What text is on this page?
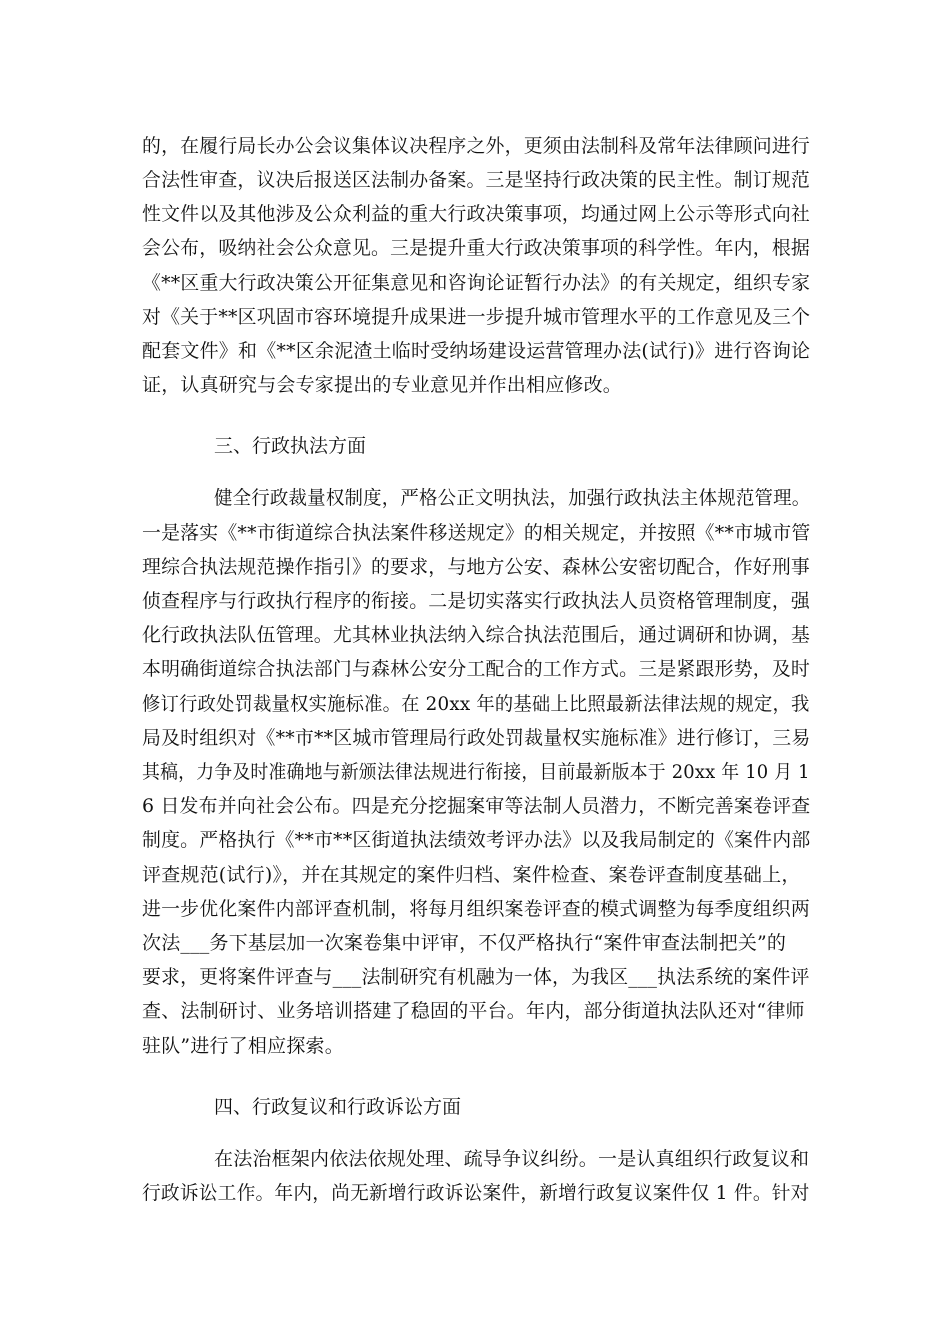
的，在履行局长办公会议集体议决程序之外，更须由法制科及常年法律顾问进行
合法性审查，议决后报送区法制办备案。三是坚持行政决策的民主性。制订规范
性文件以及其他涉及公众利益的重大行政决策事项，均通过网上公示等形式向社
会公布，吸纳社会公众意见。三是提升重大行政决策事项的科学性。年内，根据
《**区重大行政决策公开征集意见和咨询论证暂行办法》的有关规定，组织专家
对《关于**区巩固市容环境提升成果进一步提升城市管理水平的工作意见及三个
配套文件》和《**区余泥渣土临时受纳场建设运营管理办法(试行)》进行咨询论
证，认真研究与会专家提出的专业意见并作出相应修改。
三、行政执法方面
健全行政裁量权制度，严格公正文明执法，加强行政执法主体规范管理。
一是落实《**市街道综合执法案件移送规定》的相关规定，并按照《**市城市管
理综合执法规范操作指引》的要求，与地方公安、森林公安密切配合，作好刑事
侦查程序与行政执行程序的衔接。二是切实落实行政执法人员资格管理制度，强
化行政执法队伍管理。尤其林业执法纳入综合执法范围后，通过调研和协调，基
本明确街道综合执法部门与森林公安分工配合的工作方式。三是紧跟形势，及时
修订行政处罚裁量权实施标准。在 20xx 年的基础上比照最新法律法规的规定，我
局及时组织对《**市**区城市管理局行政处罚裁量权实施标准》进行修订，三易
其稿，力争及时准确地与新颁法律法规进行衔接，目前最新版本于 20xx 年 10 月 1
6 日发布并向社会公布。四是充分挖掘案审等法制人员潜力，不断完善案卷评查
制度。严格执行《**市**区街道执法绩效考评办法》以及我局制定的《案件内部
评查规范(试行)》，并在其规定的案件归档、案件检查、案卷评查制度基础上，
进一步优化案件内部评查机制，将每月组织案卷评查的模式调整为每季度组织两
次法___务下基层加一次案卷集中评审，不仅严格执行“案件审查法制把关”的
要求，更将案件评查与___法制研究有机融为一体，为我区___执法系统的案件评
查、法制研讨、业务培训搭建了稳固的平台。年内，部分街道执法队还对“律师
驻队”进行了相应探索。
四、行政复议和行政诉讼方面
在法治框架内依法依规处理、疏导争议纠纷。一是认真组织行政复议和
行政诉讼工作。年内，尚无新增行政诉讼案件，新增行政复议案件仅 1 件。针对
